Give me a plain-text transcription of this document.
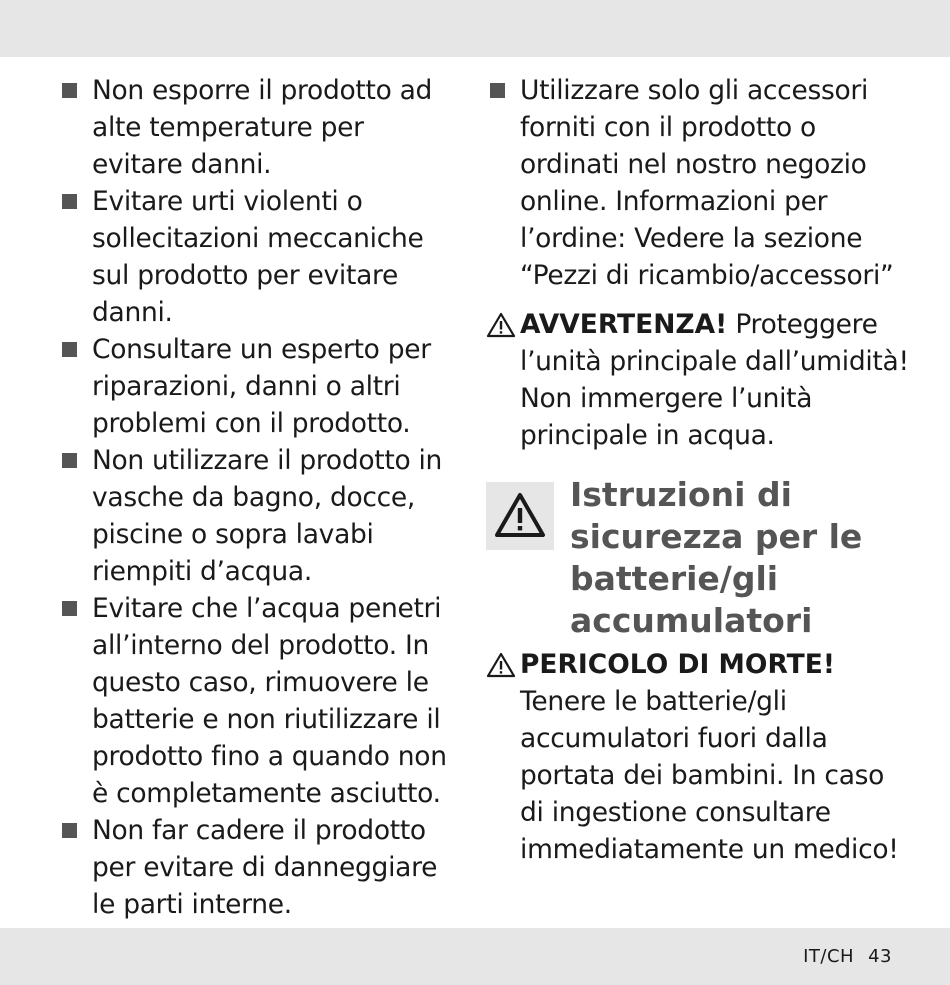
Non esporre il prodotto ad alte temperature per evitare danni.
Evitare urti violenti o sollecitazioni meccaniche sul prodotto per evitare danni.
Consultare un esperto per riparazioni, danni o altri problemi con il prodotto.
Non utilizzare il prodotto in vasche da bagno, docce, piscine o sopra lavabi riempiti d’acqua.
Evitare che l’acqua penetri all’interno del prodotto. In questo caso, rimuovere le batterie e non riutilizzare il prodotto fino a quando non è completamente asciutto.
Non far cadere il prodotto per evitare di danneggiare le parti interne.
Utilizzare solo gli accessori forniti con il prodotto o ordinati nel nostro negozio online. Informazioni per l’ordine: Vedere la sezione “Pezzi di ricambio/accessori”
AVVERTENZA! Proteggere l’unità principale dall’umidità! Non immergere l’unità principale in acqua.
Istruzioni di sicurezza per le batterie/gli accumulatori
PERICOLO DI MORTE!
Tenere le batterie/gli accumulatori fuori dalla portata dei bambini. In caso di ingestione consultare immediatamente un medico!
IT/CH 43
